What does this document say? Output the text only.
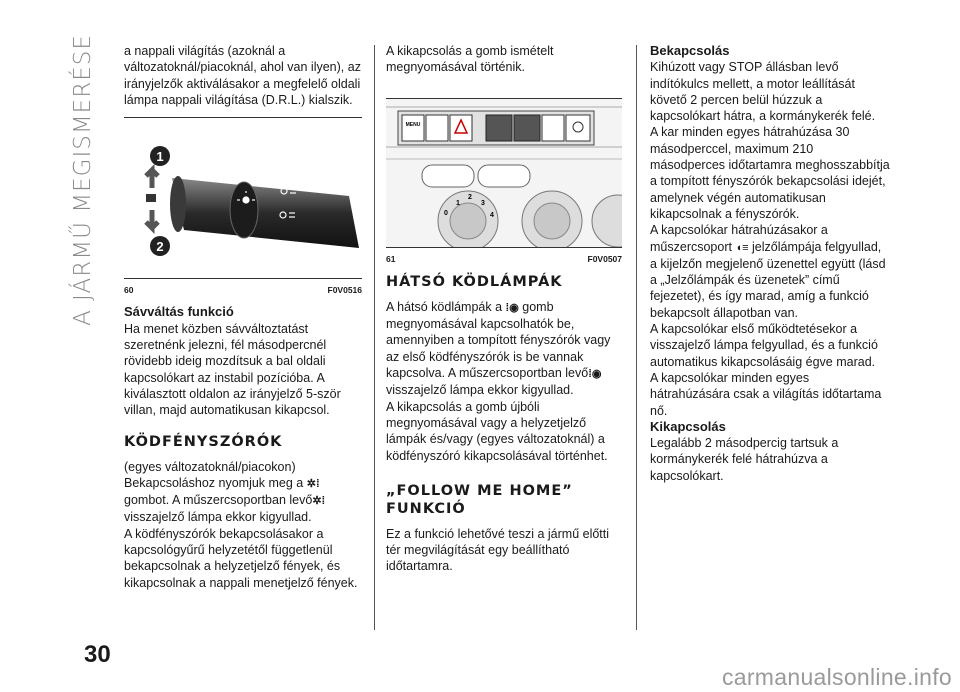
A JÁRMŰ MEGISMERÉSE
30

a nappali világítás (azoknál a változatoknál/piacoknál, ahol van ilyen), az irányjelzők aktiválásakor a megfelelő oldali lámpa nappali világítása (D.R.L.) kialszik.

1
2
60	F0V0516

Sávváltás funkció

Ha menet közben sávváltoztatást szeretnénk jelezni, fél másodpercnél rövidebb ideig mozdítsuk a bal oldali kapcsolókart az instabil pozícióba. A kiválasztott oldalon az irányjelző 5-ször villan, majd automatikusan kikapcsol.

KÖDFÉNYSZÓRÓK

(egyes változatoknál/piacokon)

Bekapcsoláshoz nyomjuk meg a ✲⁞
gombot. A műszercsoportban levő✲⁞
visszajelző lámpa ekkor kigyullad.

A ködfényszórók bekapcsolásakor a kapcsológyűrű helyzetétől függetlenül bekapcsolnak a helyzetjelző fények, és kikapcsolnak a nappali menetjelző fények.

A kikapcsolás a gomb ismételt megnyomásával történik.

MENU
1
2
3
4
0
61	F0V0507

HÁTSÓ KÖDLÁMPÁK

A hátsó ködlámpák a ⁞◉ gomb megnyomásával kapcsolhatók be, amennyiben a tompított fényszórók vagy az első ködfényszórók is be vannak kapcsolva. A műszercsoportban levő⁞◉ visszajelző lámpa ekkor kigyullad.

A kikapcsolás a gomb újbóli megnyomásával vagy a helyzetjelző lámpák és/vagy (egyes változatoknál) a ködfényszóró kikapcsolásával történhet.

„FOLLOW ME HOME” FUNKCIÓ

Ez a funkció lehetővé teszi a jármű előtti tér megvilágítását egy beállítható időtartamra.

Bekapcsolás

Kihúzott vagy STOP állásban levő indítókulcs mellett, a motor leállítását követő 2 percen belül húzzuk a kapcsolókart hátra, a kormánykerék felé.

A kar minden egyes hátrahúzása 30 másodperccel, maximum 210 másodperces időtartamra meghosszabbítja a tompított fényszórók bekapcsolási idejét, amelynek végén automatikusan kikapcsolnak a fényszórók.

A kapcsolókar hátrahúzásakor a műszercsoport ◖≡ jelzőlámpája felgyullad, a kijelzőn megjelenő üzenettel együtt (lásd a „Jelzőlámpák és üzenetek” című fejezetet), és így marad, amíg a funkció bekapcsolt állapotban van.

A kapcsolókar első működtetésekor a visszajelző lámpa felgyullad, és a funkció automatikus kikapcsolásáig égve marad.

A kapcsolókar minden egyes hátrahúzására csak a világítás időtartama nő.

Kikapcsolás

Legalább 2 másodpercig tartsuk a kormánykerék felé hátrahúzva a kapcsolókart.

carmanualsonline.info
